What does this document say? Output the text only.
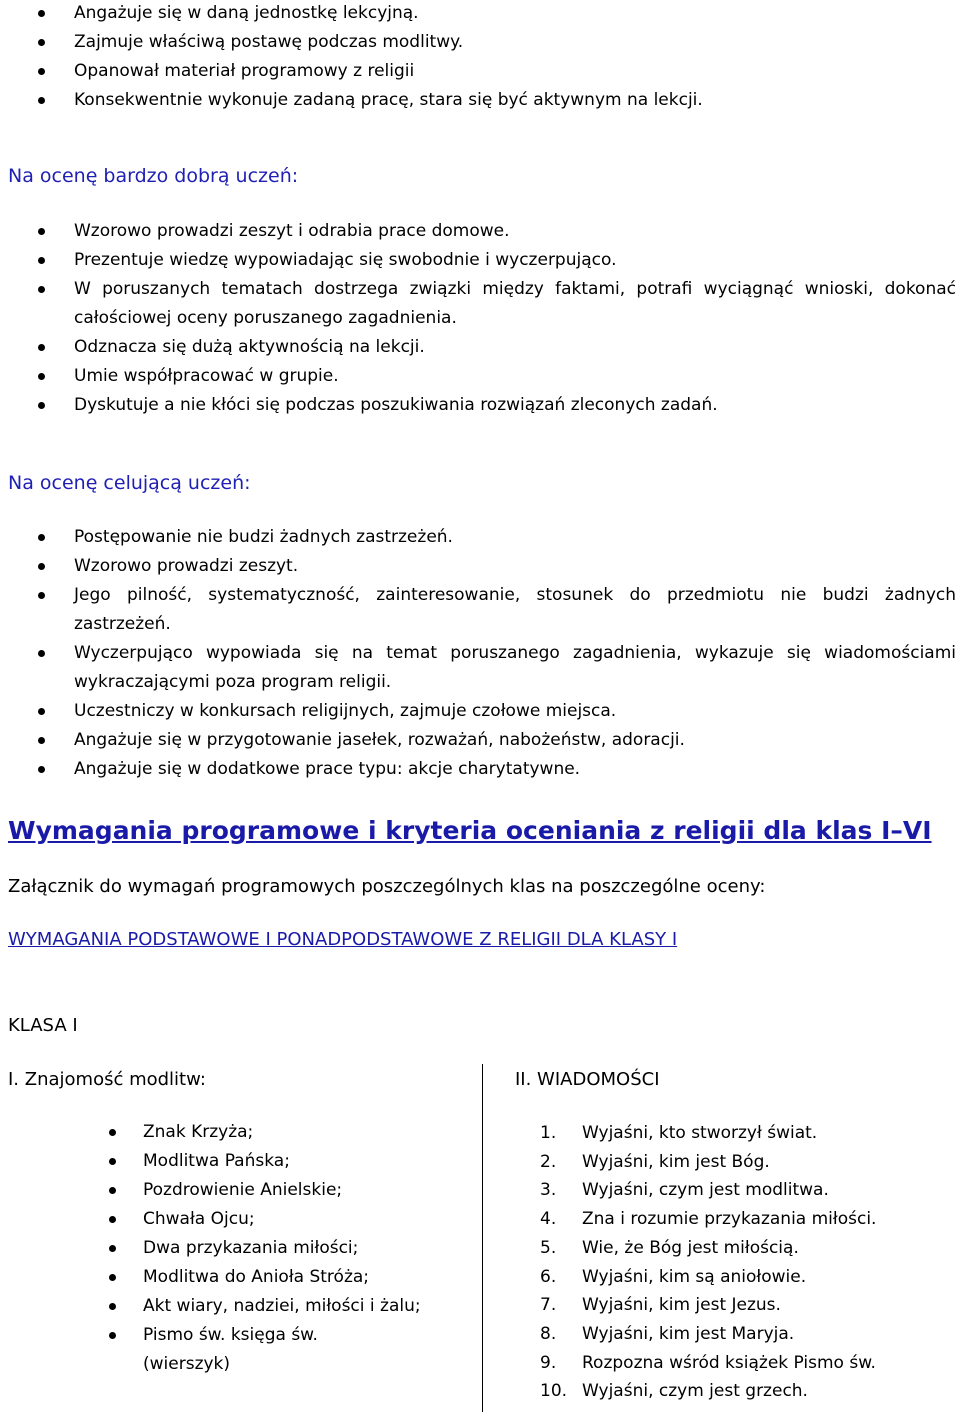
Angażuje się w daną jednostkę lekcyjną.
Zajmuje właściwą postawę podczas modlitwy.
Opanował materiał programowy z religii
Konsekwentnie wykonuje zadaną pracę, stara się być aktywnym na lekcji.
Na ocenę bardzo dobrą uczeń:
Wzorowo prowadzi zeszyt i odrabia prace domowe.
Prezentuje wiedzę wypowiadając się swobodnie i wyczerpująco.
W poruszanych tematach dostrzega związki między faktami, potrafi wyciągnąć wnioski, dokonać całościowej oceny poruszanego zagadnienia.
Odznacza się dużą aktywnością na lekcji.
Umie współpracować w grupie.
Dyskutuje a nie kłóci się podczas poszukiwania rozwiązań zleconych zadań.
Na ocenę celującą uczeń:
Postępowanie nie budzi żadnych zastrzeżeń.
Wzorowo prowadzi zeszyt.
Jego pilność, systematyczność, zainteresowanie, stosunek do przedmiotu nie budzi żadnych zastrzeżeń.
Wyczerpująco wypowiada się na temat poruszanego zagadnienia, wykazuje się wiadomościami wykraczającymi poza program religii.
Uczestniczy w konkursach religijnych, zajmuje czołowe miejsca.
Angażuje się w przygotowanie jasełek, rozważań, nabożeństw, adoracji.
Angażuje się w dodatkowe prace typu: akcje charytatywne.
Wymagania programowe i kryteria oceniania z religii dla klas I–VI
Załącznik do wymagań programowych poszczególnych klas na poszczególne oceny:
WYMAGANIA PODSTAWOWE I PONADPODSTAWOWE Z RELIGII DLA KLASY I
KLASA I
I. Znajomość modlitw:
Znak Krzyża;
Modlitwa Pańska;
Pozdrowienie Anielskie;
Chwała Ojcu;
Dwa przykazania miłości;
Modlitwa do Anioła Stróża;
Akt wiary, nadziei, miłości i żalu;
Pismo św. księga św. (wierszyk)
II. WIADOMOŚCI
1. Wyjaśni, kto stworzył świat.
2. Wyjaśni, kim jest Bóg.
3. Wyjaśni, czym jest modlitwa.
4. Zna i rozumie przykazania miłości.
5. Wie, że Bóg jest miłością.
6. Wyjaśni, kim są aniołowie.
7. Wyjaśni, kim jest Jezus.
8. Wyjaśni, kim jest Maryja.
9. Rozpozna wśród książek Pismo św.
10. Wyjaśni, czym jest grzech.
